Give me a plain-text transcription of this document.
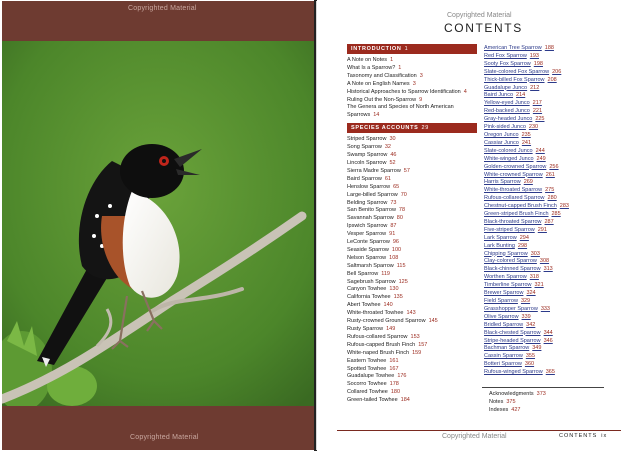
Copyrighted Material
Copyrighted Material
Copyrighted Material
CONTENTS
INTRODUCTION 1
A Note on Notes 1
What Is a Sparrow? 1
Taxonomy and Classification 3
A Note on English Names 3
Historical Approaches to Sparrow Identification 4
Ruling Out the Non-Sparrow 9
The Genera and Species of North American Sparrows 14
SPECIES ACCOUNTS 29
Striped Sparrow 30
Song Sparrow 32
Swamp Sparrow 46
Lincoln Sparrow 52
Sierra Madre Sparrow 57
Baird Sparrow 61
Henslow Sparrow 65
Large-billed Sparrow 70
Belding Sparrow 73
San Benito Sparrow 78
Savannah Sparrow 80
Ipswich Sparrow 87
Vesper Sparrow 91
LeConte Sparrow 96
Seaside Sparrow 100
Nelson Sparrow 108
Saltmarsh Sparrow 115
Bell Sparrow 119
Sagebrush Sparrow 125
Canyon Towhee 130
California Towhee 135
Abert Towhee 140
White-throated Towhee 143
Rusty-crowned Ground Sparrow 145
Rusty Sparrow 149
Rufous-collared Sparrow 153
Rufous-capped Brush Finch 157
White-naped Brush Finch 159
Eastern Towhee 161
Spotted Towhee 167
Guadalupe Towhee 176
Socorro Towhee 178
Collared Towhee 180
Green-tailed Towhee 184
American Tree Sparrow 188
Red Fox Sparrow 193
Sooty Fox Sparrow 198
Slate-colored Fox Sparrow 206
Thick-billed Fox Sparrow 208
Guadalupe Junco 212
Baird Junco 214
Yellow-eyed Junco 217
Red-backed Junco 221
Gray-headed Junco 225
Pink-sided Junco 230
Oregon Junco 235
Cassiar Junco 241
Slate-colored Junco 244
White-winged Junco 249
Golden-crowned Sparrow 256
White-crowned Sparrow 261
Harris Sparrow 269
White-throated Sparrow 275
Rufous-collared Sparrow 280
Chestnut-capped Brush Finch 283
Green-striped Brush Finch 285
Black-throated Sparrow 287
Five-striped Sparrow 291
Lark Sparrow 294
Lark Bunting 298
Chipping Sparrow 303
Clay-colored Sparrow 308
Black-chinned Sparrow 313
Worthen Sparrow 318
Timberline Sparrow 321
Brewer Sparrow 324
Field Sparrow 329
Grasshopper Sparrow 333
Olive Sparrow 339
Bridled Sparrow 342
Black-chested Sparrow 344
Stripe-headed Sparrow 346
Bachman Sparrow 349
Cassin Sparrow 355
Botteri Sparrow 360
Rufous-winged Sparrow 365
Acknowledgments 373
Notes 375
Indexes 427
Copyrighted Material	CONTENTS ix
